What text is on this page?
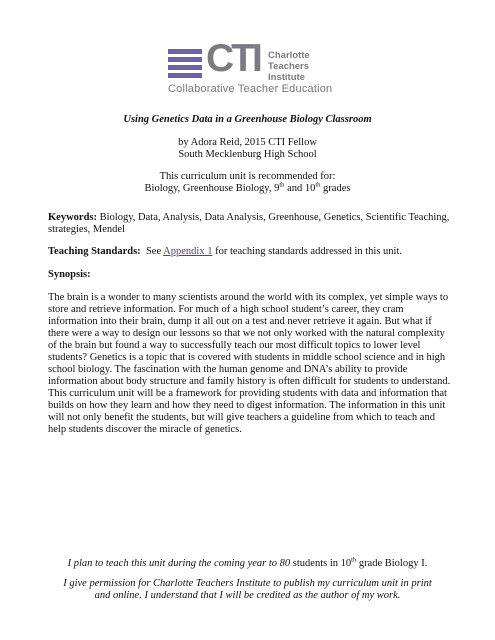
CTI Charlotte
Teachers
Institute
Collaborative Teacher Education
Using Genetics Data in a Greenhouse Biology Classroom
by Adora Reid, 2015 CTI Fellow
South Mecklenburg High School
This curriculum unit is recommended for:
Biology, Greenhouse Biology, 9th and 10th grades
Keywords: Biology, Data, Analysis, Data Analysis, Greenhouse, Genetics, Scientific Teaching, strategies, Mendel
Teaching Standards:  See Appendix 1 for teaching standards addressed in this unit.
Synopsis:
The brain is a wonder to many scientists around the world with its complex, yet simple ways to store and retrieve information. For much of a high school student’s career, they cram information into their brain, dump it all out on a test and never retrieve it again. But what if there were a way to design our lessons so that we not only worked with the natural complexity of the brain but found a way to successfully teach our most difficult topics to lower level students? Genetics is a topic that is covered with students in middle school science and in high school biology. The fascination with the human genome and DNA’s ability to provide information about body structure and family history is often difficult for students to understand. This curriculum unit will be a framework for providing students with data and information that builds on how they learn and how they need to digest information. The information in this unit will not only benefit the students, but will give teachers a guideline from which to teach and help students discover the miracle of genetics.
I plan to teach this unit during the coming year to 80 students in 10th grade Biology I.
I give permission for Charlotte Teachers Institute to publish my curriculum unit in print and online. I understand that I will be credited as the author of my work.
